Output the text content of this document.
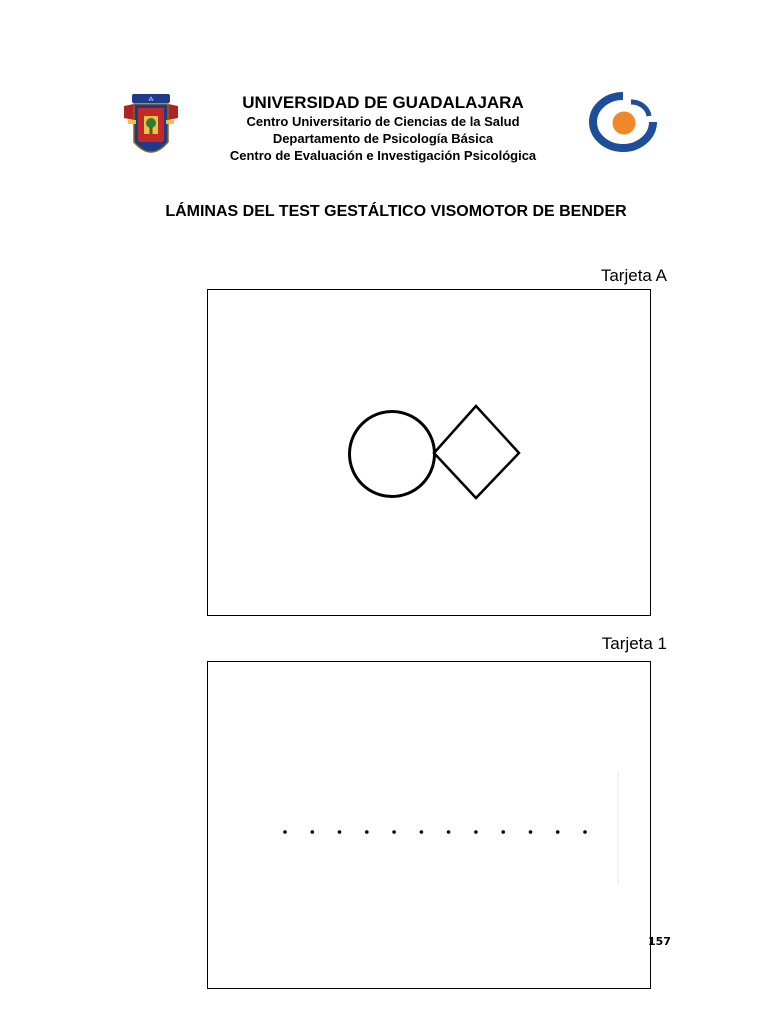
⁂	UNIVERSIDAD DE GUADALAJARA
Centro Universitario de Ciencias de la Salud
Departamento de Psicología Básica
Centro de Evaluación e Investigación Psicológica
LÁMINAS DEL TEST GESTÁLTICO VISOMOTOR DE BENDER
Tarjeta A
Tarjeta 1
157
